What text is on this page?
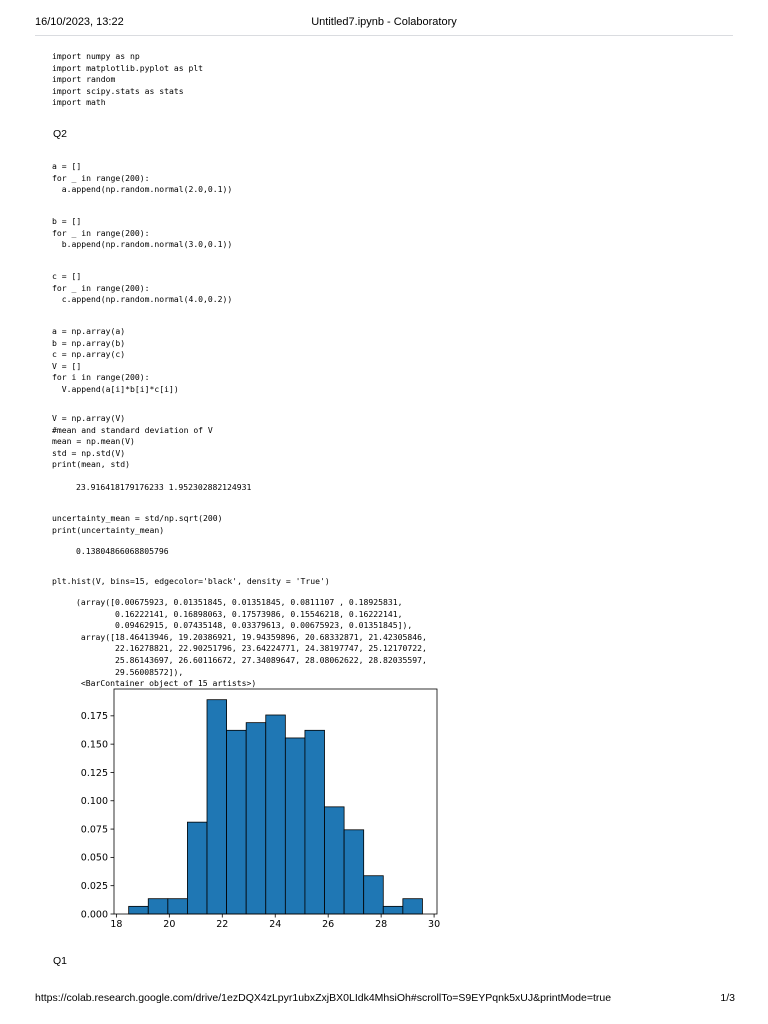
16/10/2023, 13:22	Untitled7.ipynb - Colaboratory
import numpy as np
import matplotlib.pyplot as plt
import random
import scipy.stats as stats
import math
Q2
a = []
for _ in range(200):
a.append(np.random.normal(2.0,0.1))
b = []
for _ in range(200):
b.append(np.random.normal(3.0,0.1))
c = []
for _ in range(200):
c.append(np.random.normal(4.0,0.2))
a = np.array(a)
b = np.array(b)
c = np.array(c)
V = []
for i in range(200):
V.append(a[i]*b[i]*c[i])
V = np.array(V)
#mean and standard deviation of V
mean = np.mean(V)
std = np.std(V)
print(mean, std)
23.916418179176233 1.952302882124931
uncertainty_mean = std/np.sqrt(200)
print(uncertainty_mean)
0.13804866068805796
plt.hist(V, bins=15, edgecolor='black', density = 'True')
(array([0.00675923, 0.01351845, 0.01351845, 0.0811107 , 0.18925831,
0.16222141, 0.16898063, 0.17573986, 0.15546218, 0.16222141,
0.09462915, 0.07435148, 0.03379613, 0.00675923, 0.01351845]),
array([18.46413946, 19.20386921, 19.94359896, 20.68332871, 21.42305846,
22.16278821, 22.90251796, 23.64224771, 24.38197747, 25.12170722,
25.86143697, 26.60116672, 27.34089647, 28.08062622, 28.82035597,
29.56008572]),
<BarContainer object of 15 artists>)
18	20	22	24	26	28	30
0.000
0.025
0.050
0.075
0.100
0.125
0.150
0.175
Q1
https://colab.research.google.com/drive/1ezDQX4zLpyr1ubxZxjBX0LIdk4MhsiOh#scrollTo=S9EYPqnk5xUJ&printMode=true	1/3
